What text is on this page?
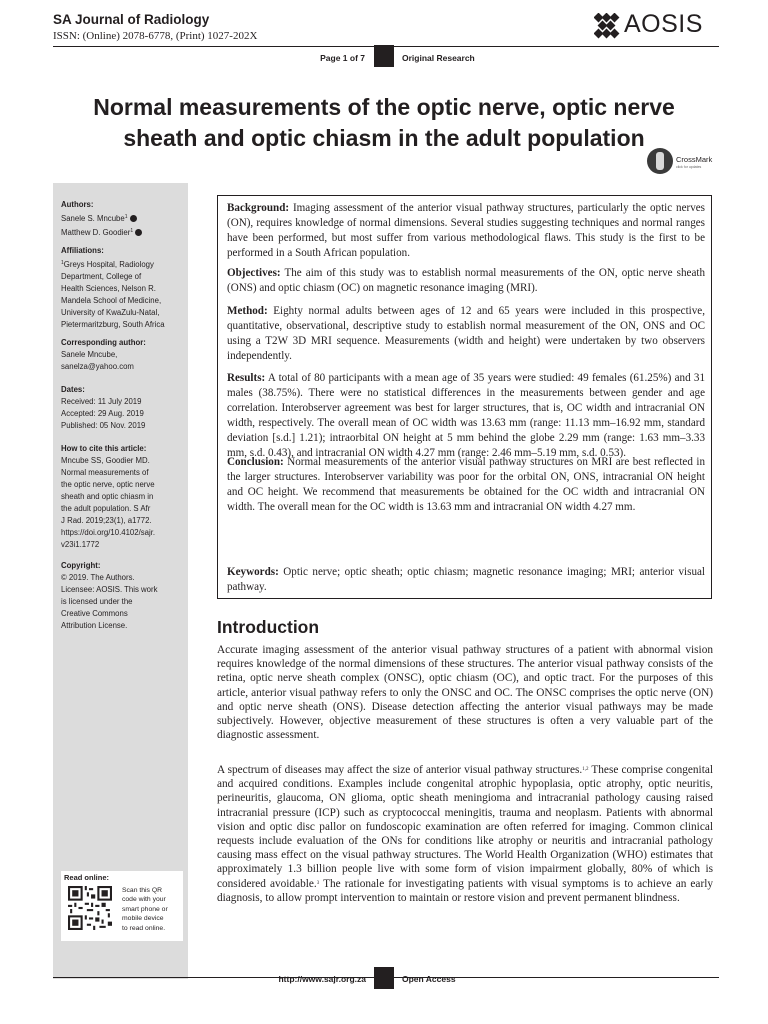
SA Journal of Radiology
ISSN: (Online) 2078-6778, (Print) 1027-202X	AOSIS
Page 1 of 7	Original Research
Normal measurements of the optic nerve, optic nerve
sheath and optic chiasm in the adult population
CrossMark
click for updates
Authors:
Sanele S. Mncube$^1$
Matthew D. Goodier$^1$
Affiliations:
$^1$Greys Hospital, Radiology
Department, College of
Health Sciences, Nelson R.
Mandela School of Medicine,
University of KwaZulu-Natal,
Pietermaritzburg, South Africa
Corresponding author:
Sanele Mncube,
sanelza@yahoo.com
Dates:
Received: 11 July 2019
Accepted: 29 Aug. 2019
Published: 05 Nov. 2019
How to cite this article:
Mncube SS, Goodier MD.
Normal measurements of
the optic nerve, optic nerve
sheath and optic chiasm in
the adult population. S Afr
J Rad. 2019;23(1), a1772.
https://doi.org/10.4102/sajr.
v23i1.1772
Copyright:
© 2019. The Authors.
Licensee: AOSIS. This work
is licensed under the
Creative Commons
Attribution License.
Read online:
Scan this QR
code with your
smart phone or
mobile device
to read online.
Background: Imaging assessment of the anterior visual pathway structures, particularly the optic nerves (ON), requires knowledge of normal dimensions. Several studies suggesting techniques and normal ranges have been performed, but most suffer from various methodological flaws. This study is the first to be performed in a South African population.
Objectives: The aim of this study was to establish normal measurements of the ON, optic nerve sheath (ONS) and optic chiasm (OC) on magnetic resonance imaging (MRI).
Method: Eighty normal adults between ages of 12 and 65 years were included in this prospective, quantitative, observational, descriptive study to establish normal measurement of the ON, ONS and OC using a T2W 3D MRI sequence. Measurements (width and height) were undertaken by two observers independently.
Results: A total of 80 participants with a mean age of 35 years were studied: 49 females (61.25%) and 31 males (38.75%). There were no statistical differences in the measurements between gender and age correlation. Interobserver agreement was best for larger structures, that is, OC width and intracranial ON width, respectively. The overall mean of OC width was 13.63 mm (range: 11.13 mm–16.92 mm, standard deviation [s.d.] 1.21); intraorbital ON height at 5 mm behind the globe 2.29 mm (range: 1.63 mm–3.33 mm, s.d. 0.43), and intracranial ON width 4.27 mm (range: 2.46 mm–5.19 mm, s.d. 0.53).
Conclusion: Normal measurements of the anterior visual pathway structures on MRI are best reflected in the larger structures. Interobserver variability was poor for the orbital ON, ONS, intracranial ON height and OC height. We recommend that measurements be obtained for the OC width and intracranial ON width. The overall mean for the OC width is 13.63 mm and intracranial ON width 4.27 mm.
Keywords: Optic nerve; optic sheath; optic chiasm; magnetic resonance imaging; MRI; anterior visual pathway.
Introduction
Accurate imaging assessment of the anterior visual pathway structures of a patient with abnormal vision requires knowledge of the normal dimensions of these structures. The anterior visual pathway consists of the retina, optic nerve sheath complex (ONSC), optic chiasm (OC), and optic tract. For the purposes of this article, anterior visual pathway refers to only the ONSC and OC. The ONSC comprises the optic nerve (ON) and optic nerve sheath (ONS). Disease detection affecting the anterior visual pathways may be made subjectively. However, objective measurement of these structures is often a very valuable part of the diagnostic assessment.
A spectrum of diseases may affect the size of anterior visual pathway structures.$^{1,2}$ These comprise congenital and acquired conditions. Examples include congenital atrophic hypoplasia, optic atrophy, optic neuritis, perineuritis, glaucoma, ON glioma, optic sheath meningioma and intracranial pathology causing raised intracranial pressure (ICP) such as cryptococcal meningitis, trauma and neoplasm. Patients with abnormal vision and optic disc pallor on fundoscopic examination are often referred for imaging. Common clinical requests include evaluation of the ONs for conditions like atrophy or neuritis and intracranial pathology causing mass effect on the visual pathway structures. The World Health Organization (WHO) estimates that approximately 1.3 billion people live with some form of vision impairment globally, 80% of which is considered avoidable.$^3$ The rationale for investigating patients with visual symptoms is to achieve an early diagnosis, to allow prompt intervention to maintain or restore vision and prevent permanent blindness.
http://www.sajr.org.za	Open Access
